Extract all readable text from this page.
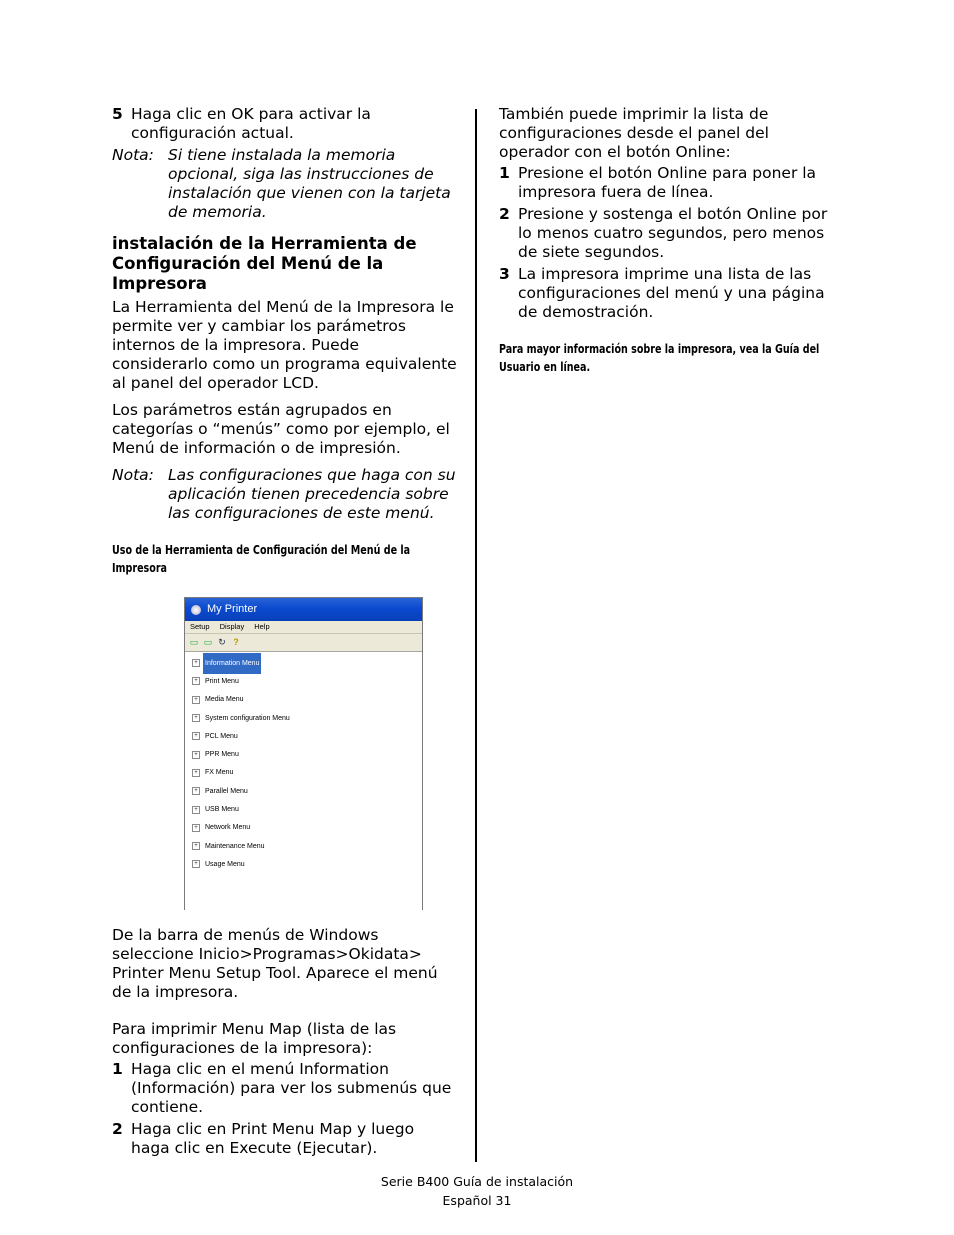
5 Haga clic en OK para activar la configuración actual.
Nota: Si tiene instalada la memoria opcional, siga las instrucciones de instalación que vienen con la tarjeta de memoria.
instalación de la Herramienta de Configuración del Menú de la Impresora

La Herramienta del Menú de la Impresora le permite ver y cambiar los parámetros internos de la impresora. Puede considerarlo como un programa equivalente al panel del operador LCD.

Los parámetros están agrupados en categorías o “menús” como por ejemplo, el Menú de información o de impresión.

Nota: Las configuraciones que haga con su aplicación tienen precedencia sobre las configuraciones de este menú.
Uso de la Herramienta de Configuración del Menú de la Impresora

De la barra de menús de Windows seleccione Inicio>Programas>Okidata> Printer Menu Setup Tool. Aparece el menú de la impresora.

Para imprimir Menu Map (lista de las configuraciones de la impresora):

1 Haga clic en el menú Information (Información) para ver los submenús que contiene.
2 Haga clic en Print Menu Map y luego haga clic en Execute (Ejecutar).
My Printer
Setup Display Help
▭ ▭ ↻ ?
+	Information Menu
+	Print Menu
+	Media Menu
+	System configuration Menu
+	PCL Menu
+	PPR Menu
+	FX Menu
+	Parallel Menu
+	USB Menu
+	Network Menu
+	Maintenance Menu
+	Usage Menu

También puede imprimir la lista de configuraciones desde el panel del operador con el botón Online:

1 Presione el botón Online para poner la impresora fuera de línea.
2 Presione y sostenga el botón Online por lo menos cuatro segundos, pero menos de siete segundos.
3 La impresora imprime una lista de las configuraciones del menú y una página de demostración.
Para mayor información sobre la impresora, vea la Guía del Usuario en línea.
Serie B400 Guía de instalación
Español 31
